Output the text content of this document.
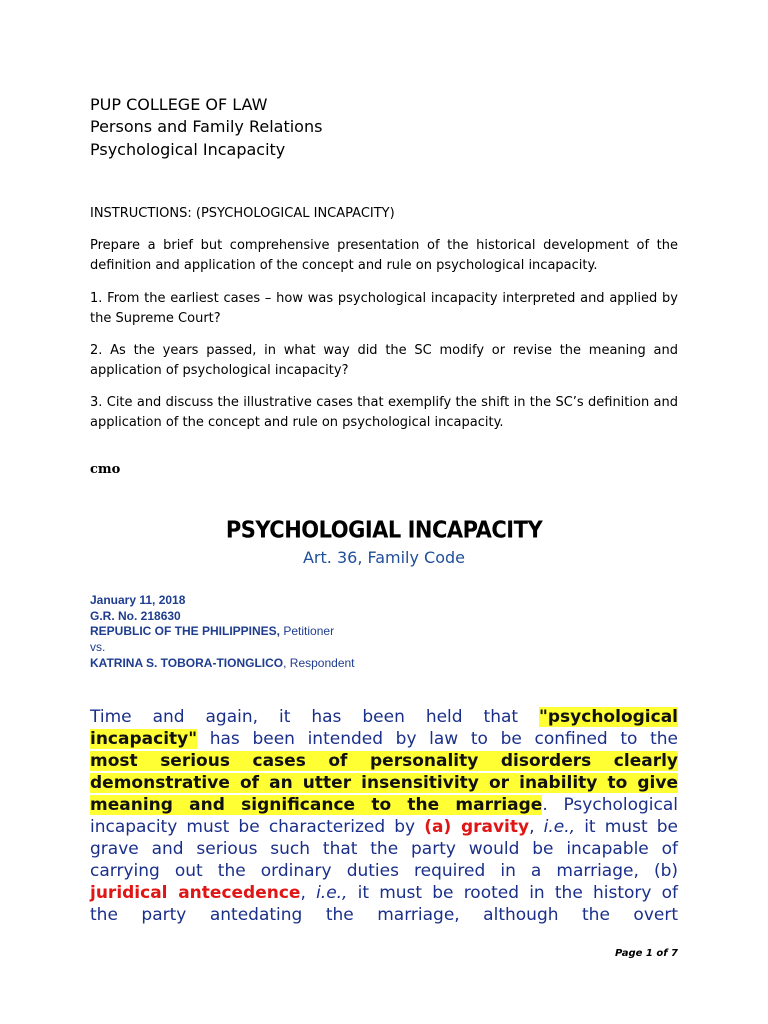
PUP COLLEGE OF LAW
Persons and Family Relations
Psychological Incapacity
INSTRUCTIONS: (PSYCHOLOGICAL INCAPACITY)
Prepare a brief but comprehensive presentation of the historical development of the definition and application of the concept and rule on psychological incapacity.
1. From the earliest cases – how was psychological incapacity interpreted and applied by the Supreme Court?
2. As the years passed, in what way did the SC modify or revise the meaning and application of psychological incapacity?
3. Cite and discuss the illustrative cases that exemplify the shift in the SC’s definition and application of the concept and rule on psychological incapacity.
cmo
PSYCHOLOGIAL INCAPACITY
Art. 36, Family Code
January 11, 2018
G.R. No. 218630
REPUBLIC OF THE PHILIPPINES, Petitioner
vs.
KATRINA S. TOBORA-TIONGLICO, Respondent
Time and again, it has been held that "psychological
incapacity" has been intended by law to be confined to the
most serious cases of personality disorders clearly
demonstrative of an utter insensitivity or inability to give
meaning and significance to the marriage. Psychological
incapacity must be characterized by (a) gravity, i.e., it must be
grave and serious such that the party would be incapable of
carrying out the ordinary duties required in a marriage, (b)
juridical antecedence, i.e., it must be rooted in the history of
the party antedating the marriage, although the overt
Page 1 of 7
